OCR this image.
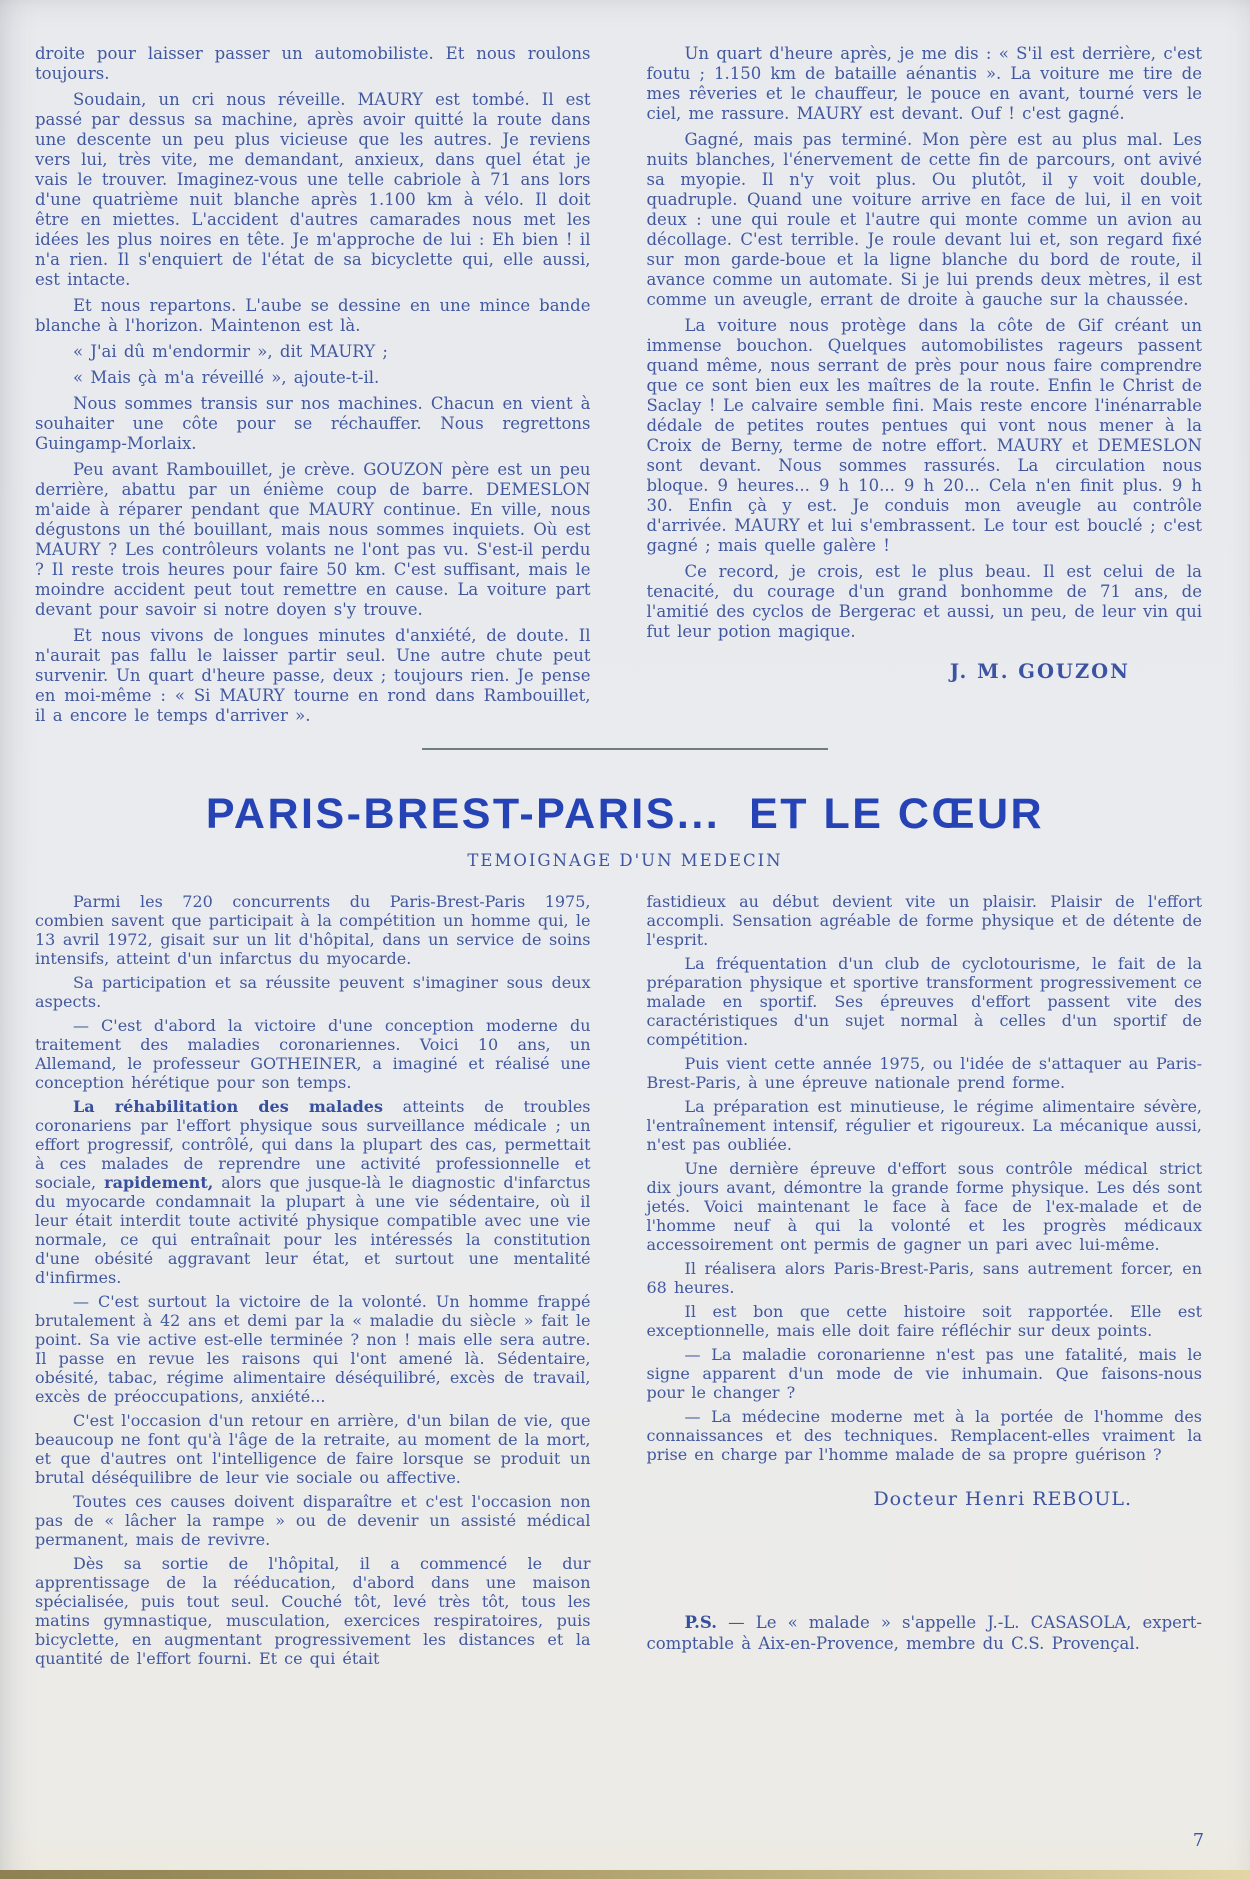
droite pour laisser passer un automobiliste. Et nous roulons toujours.

Soudain, un cri nous réveille. MAURY est tombé. Il est passé par dessus sa machine, après avoir quitté la route dans une descente un peu plus vicieuse que les autres. Je reviens vers lui, très vite, me demandant, anxieux, dans quel état je vais le trouver. Imaginez-vous une telle cabriole à 71 ans lors d'une quatrième nuit blanche après 1.100 km à vélo. Il doit être en miettes. L'accident d'autres camarades nous met les idées les plus noires en tête. Je m'approche de lui : Eh bien ! il n'a rien. Il s'enquiert de l'état de sa bicyclette qui, elle aussi, est intacte.

Et nous repartons. L'aube se dessine en une mince bande blanche à l'horizon. Maintenon est là.

« J'ai dû m'endormir », dit MAURY ;

« Mais çà m'a réveillé », ajoute-t-il.

Nous sommes transis sur nos machines. Chacun en vient à souhaiter une côte pour se réchauffer. Nous regrettons Guingamp-Morlaix.

Peu avant Rambouillet, je crève. GOUZON père est un peu derrière, abattu par un énième coup de barre. DEMESLON m'aide à réparer pendant que MAURY continue. En ville, nous dégustons un thé bouillant, mais nous sommes inquiets. Où est MAURY ? Les contrôleurs volants ne l'ont pas vu. S'est-il perdu ? Il reste trois heures pour faire 50 km. C'est suffisant, mais le moindre accident peut tout remettre en cause. La voiture part devant pour savoir si notre doyen s'y trouve.

Et nous vivons de longues minutes d'anxiété, de doute. Il n'aurait pas fallu le laisser partir seul. Une autre chute peut survenir. Un quart d'heure passe, deux ; toujours rien. Je pense en moi-même : « Si MAURY tourne en rond dans Rambouillet, il a encore le temps d'arriver ».

Un quart d'heure après, je me dis : « S'il est derrière, c'est foutu ; 1.150 km de bataille aénantis ». La voiture me tire de mes rêveries et le chauffeur, le pouce en avant, tourné vers le ciel, me rassure. MAURY est devant. Ouf ! c'est gagné.

Gagné, mais pas terminé. Mon père est au plus mal. Les nuits blanches, l'énervement de cette fin de parcours, ont avivé sa myopie. Il n'y voit plus. Ou plutôt, il y voit double, quadruple. Quand une voiture arrive en face de lui, il en voit deux : une qui roule et l'autre qui monte comme un avion au décollage. C'est terrible. Je roule devant lui et, son regard fixé sur mon garde-boue et la ligne blanche du bord de route, il avance comme un automate. Si je lui prends deux mètres, il est comme un aveugle, errant de droite à gauche sur la chaussée.

La voiture nous protège dans la côte de Gif créant un immense bouchon. Quelques automobilistes rageurs passent quand même, nous serrant de près pour nous faire comprendre que ce sont bien eux les maîtres de la route. Enfin le Christ de Saclay ! Le calvaire semble fini. Mais reste encore l'inénarrable dédale de petites routes pentues qui vont nous mener à la Croix de Berny, terme de notre effort. MAURY et DEMESLON sont devant. Nous sommes rassurés. La circulation nous bloque. 9 heures... 9 h 10... 9 h 20... Cela n'en finit plus. 9 h 30. Enfin çà y est. Je conduis mon aveugle au contrôle d'arrivée. MAURY et lui s'embrassent. Le tour est bouclé ; c'est gagné ; mais quelle galère !

Ce record, je crois, est le plus beau. Il est celui de la tenacité, du courage d'un grand bonhomme de 71 ans, de l'amitié des cyclos de Bergerac et aussi, un peu, de leur vin qui fut leur potion magique.

J. M. GOUZON
PARIS-BREST-PARIS...  ET LE CŒUR
TEMOIGNAGE D'UN MEDECIN

Parmi les 720 concurrents du Paris-Brest-Paris 1975, combien savent que participait à la compétition un homme qui, le 13 avril 1972, gisait sur un lit d'hôpital, dans un service de soins intensifs, atteint d'un infarctus du myocarde.

Sa participation et sa réussite peuvent s'imaginer sous deux aspects.

— C'est d'abord la victoire d'une conception moderne du traitement des maladies coronariennes. Voici 10 ans, un Allemand, le professeur GOTHEINER, a imaginé et réalisé une conception hérétique pour son temps.

La réhabilitation des malades atteints de troubles coronariens par l'effort physique sous surveillance médicale ; un effort progressif, contrôlé, qui dans la plupart des cas, permettait à ces malades de reprendre une activité professionnelle et sociale, rapidement, alors que jusque-là le diagnostic d'infarctus du myocarde condamnait la plupart à une vie sédentaire, où il leur était interdit toute activité physique compatible avec une vie normale, ce qui entraînait pour les intéressés la constitution d'une obésité aggravant leur état, et surtout une mentalité d'infirmes.

— C'est surtout la victoire de la volonté. Un homme frappé brutalement à 42 ans et demi par la « maladie du siècle » fait le point. Sa vie active est-elle terminée ? non ! mais elle sera autre. Il passe en revue les raisons qui l'ont amené là. Sédentaire, obésité, tabac, régime alimentaire déséquilibré, excès de travail, excès de préoccupations, anxiété...

C'est l'occasion d'un retour en arrière, d'un bilan de vie, que beaucoup ne font qu'à l'âge de la retraite, au moment de la mort, et que d'autres ont l'intelligence de faire lorsque se produit un brutal déséquilibre de leur vie sociale ou affective.

Toutes ces causes doivent disparaître et c'est l'occasion non pas de « lâcher la rampe » ou de devenir un assisté médical permanent, mais de revivre.

Dès sa sortie de l'hôpital, il a commencé le dur apprentissage de la rééducation, d'abord dans une maison spécialisée, puis tout seul. Couché tôt, levé très tôt, tous les matins gymnastique, musculation, exercices respiratoires, puis bicyclette, en augmentant progressivement les distances et la quantité de l'effort fourni. Et ce qui était

fastidieux au début devient vite un plaisir. Plaisir de l'effort accompli. Sensation agréable de forme physique et de détente de l'esprit.

La fréquentation d'un club de cyclotourisme, le fait de la préparation physique et sportive transforment progressivement ce malade en sportif. Ses épreuves d'effort passent vite des caractéristiques d'un sujet normal à celles d'un sportif de compétition.

Puis vient cette année 1975, ou l'idée de s'attaquer au Paris-Brest-Paris, à une épreuve nationale prend forme.

La préparation est minutieuse, le régime alimentaire sévère, l'entraînement intensif, régulier et rigoureux. La mécanique aussi, n'est pas oubliée.

Une dernière épreuve d'effort sous contrôle médical strict dix jours avant, démontre la grande forme physique. Les dés sont jetés. Voici maintenant le face à face de l'ex-malade et de l'homme neuf à qui la volonté et les progrès médicaux accessoirement ont permis de gagner un pari avec lui-même.

Il réalisera alors Paris-Brest-Paris, sans autrement forcer, en 68 heures.

Il est bon que cette histoire soit rapportée. Elle est exceptionnelle, mais elle doit faire réfléchir sur deux points.

— La maladie coronarienne n'est pas une fatalité, mais le signe apparent d'un mode de vie inhumain. Que faisons-nous pour le changer ?

— La médecine moderne met à la portée de l'homme des connaissances et des techniques. Remplacent-elles vraiment la prise en charge par l'homme malade de sa propre guérison ?

Docteur Henri REBOUL.

P.S. — Le « malade » s'appelle J.-L. CASASOLA, expert-comptable à Aix-en-Provence, membre du C.S. Provençal.

7
